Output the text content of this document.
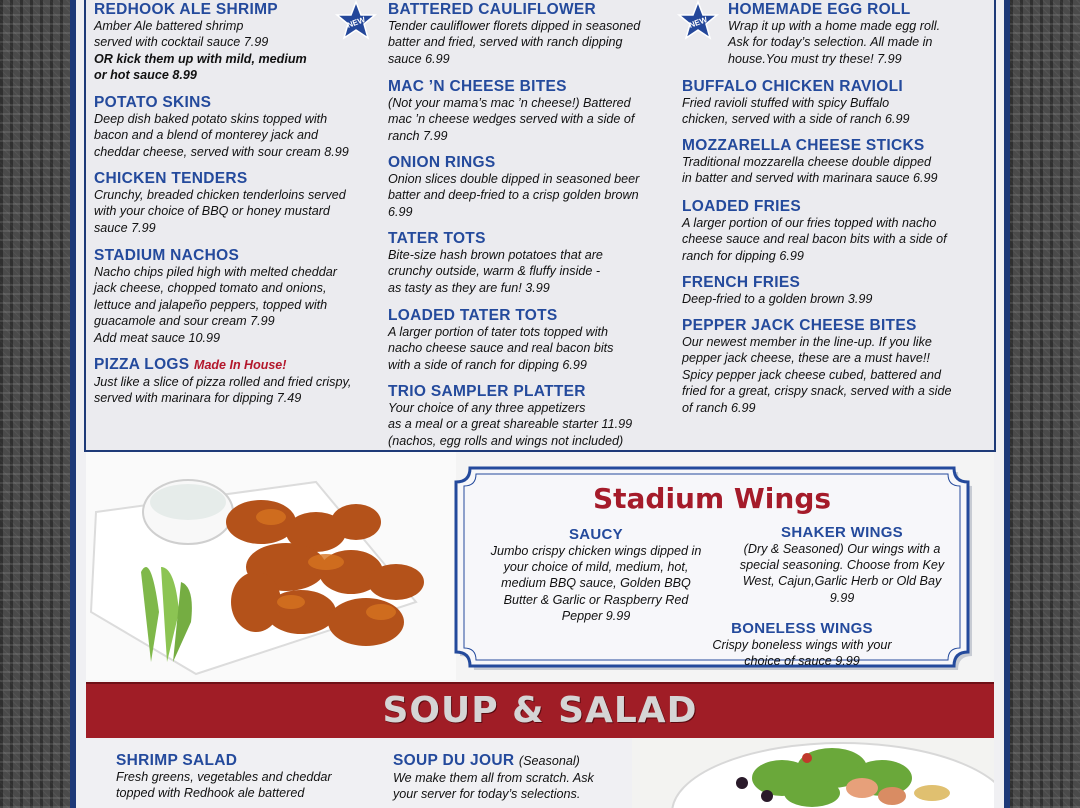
REDHOOK ALE SHRIMP

Amber Ale battered shrimp

served with cocktail sauce 7.99

OR kick them up with mild, medium

or hot sauce 8.99

POTATO SKINS

Deep dish baked potato skins topped with

bacon and a blend of monterey jack and

cheddar cheese, served with sour cream 8.99

CHICKEN TENDERS

Crunchy, breaded chicken tenderloins served

with your choice of BBQ or honey mustard

sauce 7.99

STADIUM NACHOS

Nacho chips piled high with melted cheddar

jack cheese, chopped tomato and onions,

lettuce and jalapeño peppers, topped with

guacamole and sour cream 7.99

Add meat sauce 10.99

PIZZA LOGS Made In House!

Just like a slice of pizza rolled and fried crispy,

served with marinara for dipping 7.49

NEW	NEW
BATTERED CAULIFLOWER

Tender cauliflower florets dipped in seasoned

batter and fried, served with ranch dipping

sauce 6.99

MAC ’N CHEESE BITES

(Not your mama’s mac ’n cheese!) Battered

mac ’n cheese wedges served with a side of

ranch 7.99

ONION RINGS

Onion slices double dipped in seasoned beer

batter and deep-fried to a crisp golden brown

6.99

TATER TOTS

Bite-size hash brown potatoes that are

crunchy outside, warm & fluffy inside -

as tasty as they are fun! 3.99

LOADED TATER TOTS

A larger portion of tater tots topped with

nacho cheese sauce and real bacon bits

with a side of ranch for dipping 6.99

TRIO SAMPLER PLATTER

Your choice of any three appetizers

as a meal or a great shareable starter 11.99

(nachos, egg rolls and wings not included)

HOMEMADE EGG ROLL

Wrap it up with a home made egg roll.

Ask for today’s selection. All made in

house.You must try these! 7.99

BUFFALO CHICKEN RAVIOLI

Fried ravioli stuffed with spicy Buffalo

chicken, served with a side of ranch 6.99

MOZZARELLA CHEESE STICKS

Traditional mozzarella cheese double dipped

in batter and served with marinara sauce 6.99

LOADED FRIES

A larger portion of our fries topped with nacho

cheese sauce and real bacon bits with a side of

ranch for dipping 6.99

FRENCH FRIES

Deep-fried to a golden brown 3.99

PEPPER JACK CHEESE BITES

Our newest member in the line-up. If you like

pepper jack cheese, these are a must have!!

Spicy pepper jack cheese cubed, battered and

fried for a great, crispy snack, served with a side

of ranch 6.99

Stadium Wings
SAUCY

Jumbo crispy chicken wings dipped in

your choice of mild, medium, hot,

medium BBQ sauce, Golden BBQ

Butter & Garlic or Raspberry Red

Pepper 9.99

SHAKER WINGS

(Dry & Seasoned) Our wings with a

special seasoning. Choose from Key

West, Cajun,Garlic Herb or Old Bay

9.99

BONELESS WINGS

Crispy boneless wings with your

choice of sauce 9.99

SOUP & SALAD
SHRIMP SALAD

Fresh greens, vegetables and cheddar

topped with Redhook ale battered

SOUP DU JOUR (Seasonal)

We make them all from scratch. Ask

your server for today’s selections.
